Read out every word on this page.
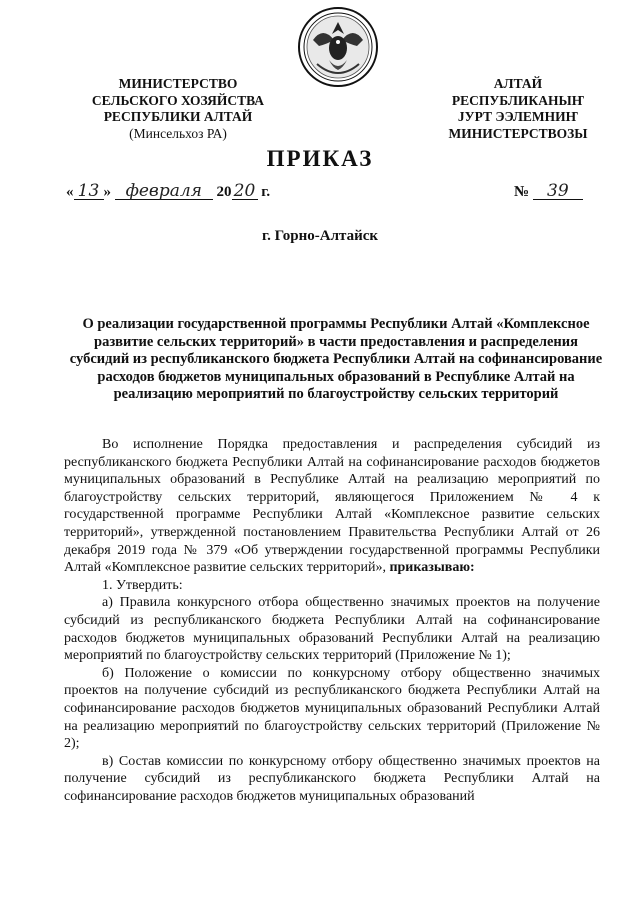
МИНИСТЕРСТВО
СЕЛЬСКОГО ХОЗЯЙСТВА
РЕСПУБЛИКИ АЛТАЙ
(Минсельхоз РА)
АЛТАЙ
РЕСПУБЛИКАНЫҤ
ЈУРТ ЭЭЛЕМНИҤ
МИНИСТЕРСТВОЗЫ
ПРИКАЗ
« 13 » февраля 20 20 г.	№ 39
г. Горно-Алтайск
О реализации государственной программы Республики Алтай «Комплексное развитие сельских территорий» в части предоставления и распределения субсидий из республиканского бюджета Республики Алтай на софинансирование расходов бюджетов муниципальных образований в Республике Алтай на реализацию мероприятий по благоустройству сельских территорий

Во исполнение Порядка предоставления и распределения субсидий из республиканского бюджета Республики Алтай на софинансирование расходов бюджетов муниципальных образований в Республике Алтай на реализацию мероприятий по благоустройству сельских территорий, являющегося Приложением № 4 к государственной программе Республики Алтай «Комплексное развитие сельских территорий», утвержденной постановлением Правительства Республики Алтай от 26 декабря 2019 года № 379 «Об утверждении государственной программы Республики Алтай «Комплексное развитие сельских территорий», приказываю:

1. Утвердить:

а) Правила конкурсного отбора общественно значимых проектов на получение субсидий из республиканского бюджета Республики Алтай на софинансирование расходов бюджетов муниципальных образований Республики Алтай на реализацию мероприятий по благоустройству сельских территорий (Приложение № 1);

б) Положение о комиссии по конкурсному отбору общественно значимых проектов на получение субсидий из республиканского бюджета Республики Алтай на софинансирование расходов бюджетов муниципальных образований Республики Алтай на реализацию мероприятий по благоустройству сельских территорий (Приложение № 2);

в) Состав комиссии по конкурсному отбору общественно значимых проектов на получение субсидий из республиканского бюджета Республики Алтай на софинансирование расходов бюджетов муниципальных образований
